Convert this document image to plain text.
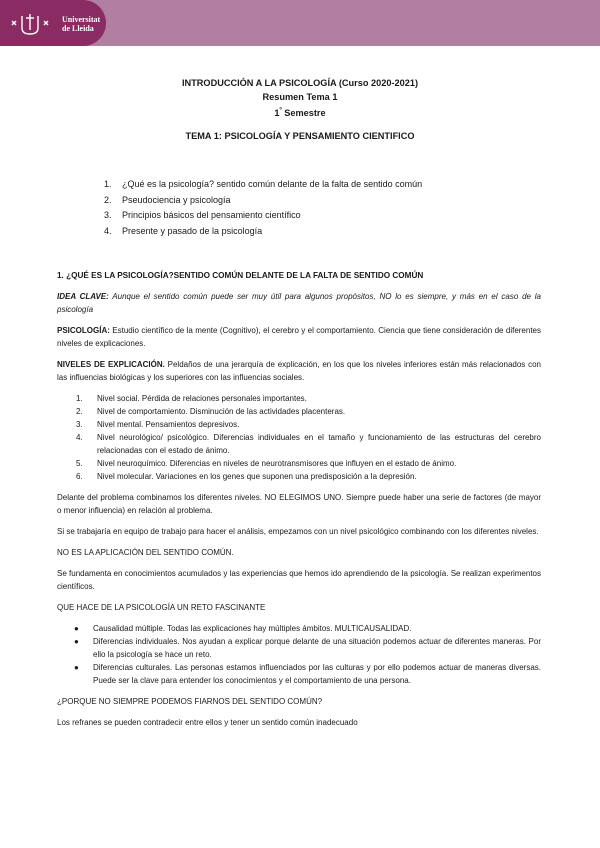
Universitat
de Lleida
INTRODUCCIÓN A LA PSICOLOGÍA (Curso 2020-2021)
Resumen Tema 1
$1^º$ Semestre
TEMA 1: PSICOLOGÍA Y PENSAMIENTO CIENTIFICO
1. ¿Qué es la psicología? sentido común delante de la falta de sentido común
2. Pseudociencia y psicología
3. Principios básicos del pensamiento científico
4. Presente y pasado de la psicología

1. ¿QUÉ ES LA PSICOLOGÍA?SENTIDO COMÚN DELANTE DE LA FALTA DE SENTIDO COMÚN

IDEA CLAVE: Aunque el sentido común puede ser muy útil para algunos propósitos, NO lo es siempre, y más en el caso de la psicología

PSICOLOGÍA: Estudio científico de la mente (Cognitivo), el cerebro y el comportamiento. Ciencia que tiene consideración de diferentes niveles de explicaciones.

NIVELES DE EXPLICACIÓN. Peldaños de una jerarquía de explicación, en los que los niveles inferiores están más relacionados con las influencias biológicas y los superiores con las influencias sociales.

1. Nivel social. Pérdida de relaciones personales importantes.
2. Nivel de comportamiento. Disminución de las actividades placenteras.
3. Nivel mental. Pensamientos depresivos.
4. Nivel neurológico/ psicológico. Diferencias individuales en el tamaño y funcionamiento de las estructuras del cerebro relacionadas con el estado de ánimo.
5. Nivel neuroquímico. Diferencias en niveles de neurotransmisores que influyen en el estado de ánimo.
6. Nivel molecular. Variaciones en los genes que suponen una predisposición a la depresión.

Delante del problema combinamos los diferentes niveles. NO ELEGIMOS UNO. Siempre puede haber una serie de factores (de mayor o menor influencia) en relación al problema.

Si se trabajaría en equipo de trabajo para hacer el análisis, empezamos con un nivel psicológico combinando con los diferentes niveles.

NO ES LA APLICACIÓN DEL SENTIDO COMÚN.

Se fundamenta en conocimientos acumulados y las experiencias que hemos ido aprendiendo de la psicología. Se realizan experimentos científicos.

QUE HACE DE LA PSICOLOGÍA UN RETO FASCINANTE

● Causalidad múltiple. Todas las explicaciones hay múltiples ámbitos. MULTICAUSALIDAD.
● Diferencias individuales. Nos ayudan a explicar porque delante de una situación podemos actuar de diferentes maneras. Por ello la psicología se hace un reto.
● Diferencias culturales. Las personas estamos influenciados por las culturas y por ello podemos actuar de maneras diversas. Puede ser la clave para entender los conocimientos y el comportamiento de una persona.

¿PORQUE NO SIEMPRE PODEMOS FIARNOS DEL SENTIDO COMÚN?

Los refranes se pueden contradecir entre ellos y tener un sentido común inadecuado
